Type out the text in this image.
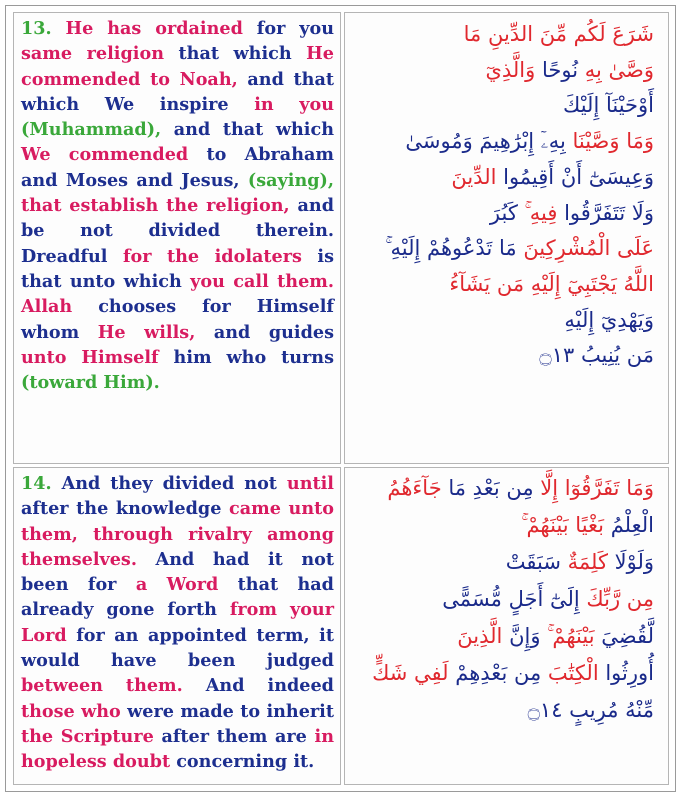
13. He has ordained for you same religion that which He commended to Noah, and that which We inspire in you (Muhammad), and that which We commended to Abraham and Moses and Jesus, (saying), that establish the religion, and be not divided therein. Dreadful for the idolaters is that unto which you call them. Allah chooses for Himself whom He wills, and guides unto Himself him who turns (toward Him).
شَرَعَ لَكُم مِّنَ الدِّينِ مَا
وَصَّىٰ بِهِ نُوحًا وَالَّذِيٓ
أَوْحَيْنَآ إِلَيْكَ
وَمَا وَصَّيْنَا بِهِۦٓ إِبْرَٰهِيمَ وَمُوسَىٰ
وَعِيسَىٰٓ أَنْ أَقِيمُوا الدِّينَ
وَلَا تَتَفَرَّقُوا فِيهِ ۚ كَبُرَ
عَلَى الْمُشْرِكِينَ مَا تَدْعُوهُمْ إِلَيْهِ ۚ
اللَّهُ يَجْتَبِيٓ إِلَيْهِ مَن يَشَآءُ
وَيَهْدِيٓ إِلَيْهِ
مَن يُنِيبُ ۝١٣
14. And they divided not until after the knowledge came unto them, through rivalry among themselves. And had it not been for a Word that had already gone forth from your Lord for an appointed term, it would have been judged between them. And indeed those who were made to inherit the Scripture after them are in hopeless doubt concerning it.
وَمَا تَفَرَّقُوٓا إِلَّا مِن بَعْدِ مَا جَآءَهُمُ
الْعِلْمُ بَغْيًا بَيْنَهُمْ ۚ
وَلَوْلَا كَلِمَةٌ سَبَقَتْ
مِن رَّبِّكَ إِلَىٰٓ أَجَلٍ مُّسَمًّى
لَّقُضِيَ بَيْنَهُمْ ۚ وَإِنَّ الَّذِينَ
أُورِثُوا الْكِتَٰبَ مِن بَعْدِهِمْ لَفِي شَكٍّ
مِّنْهُ مُرِيبٍ ۝١٤
